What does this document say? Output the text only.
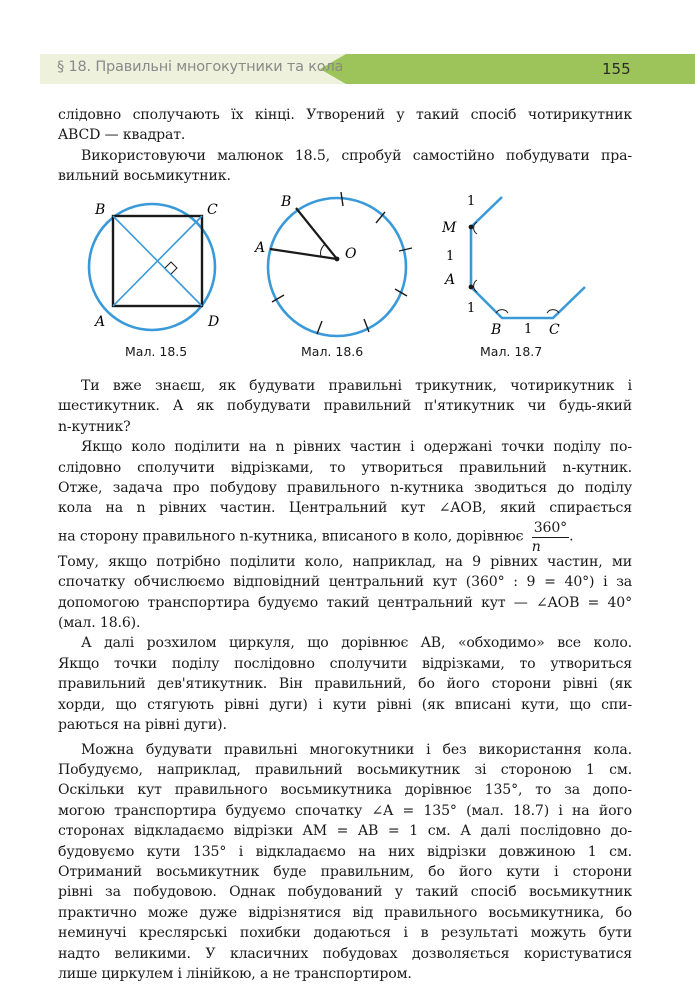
§ 18. Правильні многокутники та кола	155

слідовно сполучають їх кінці. Утворений у такий спосіб чотирикутник

ABCD — квадрат.

Використовуючи малюнок 18.5, спробуй самостійно побудувати пра-

вильний восьмикутник.

B	C
A	D
Мал. 18.5
B
A	O
Мал. 18.6
1
M
1
A
1
B 1 C
Мал. 18.7

Ти вже знаєш, як будувати правильні трикутник, чотирикутник і

шестикутник. А як побудувати правильний п'ятикутник чи будь-який

n-кутник?

Якщо коло поділити на n рівних частин і одержані точки поділу по-

слідовно сполучити відрізками, то утвориться правильний n-кутник.

Отже, задача про побудову правильного n-кутника зводиться до поділу

кола на n рівних частин. Центральний кут ∠AOB, який спирається

на сторону правильного n-кутника, вписаного в коло, дорівнює $\frac{360^\circ}{n}$ .

Тому, якщо потрібно поділити коло, наприклад, на 9 рівних частин, ми

спочатку обчислюємо відповідний центральний кут (360° : 9 = 40°) і за

допомогою транспортира будуємо такий центральний кут — ∠AOB = 40°

(мал. 18.6).

А далі розхилом циркуля, що дорівнює AB, «обходимо» все коло.

Якщо точки поділу послідовно сполучити відрізками, то утвориться

правильний дев'ятикутник. Він правильний, бо його сторони рівні (як

хорди, що стягують рівні дуги) і кути рівні (як вписані кути, що спи-

раються на рівні дуги).

Можна будувати правильні многокутники і без використання кола.

Побудуємо, наприклад, правильний восьмикутник зі стороною 1 см.

Оскільки кут правильного восьмикутника дорівнює 135°, то за допо-

могою транспортира будуємо спочатку ∠A = 135° (мал. 18.7) і на його

сторонах відкладаємо відрізки AM = AB = 1 см. А далі послідовно до-

будовуємо кути 135° і відкладаємо на них відрізки довжиною 1 см.

Отриманий восьмикутник буде правильним, бо його кути і сторони

рівні за побудовою. Однак побудований у такий спосіб восьмикутник

практично може дуже відрізнятися від правильного восьмикутника, бо

неминучі креслярські похибки додаються і в результаті можуть бути

надто великими. У класичних побудовах дозволяється користуватися

лише циркулем і лінійкою, а не транспортиром.
